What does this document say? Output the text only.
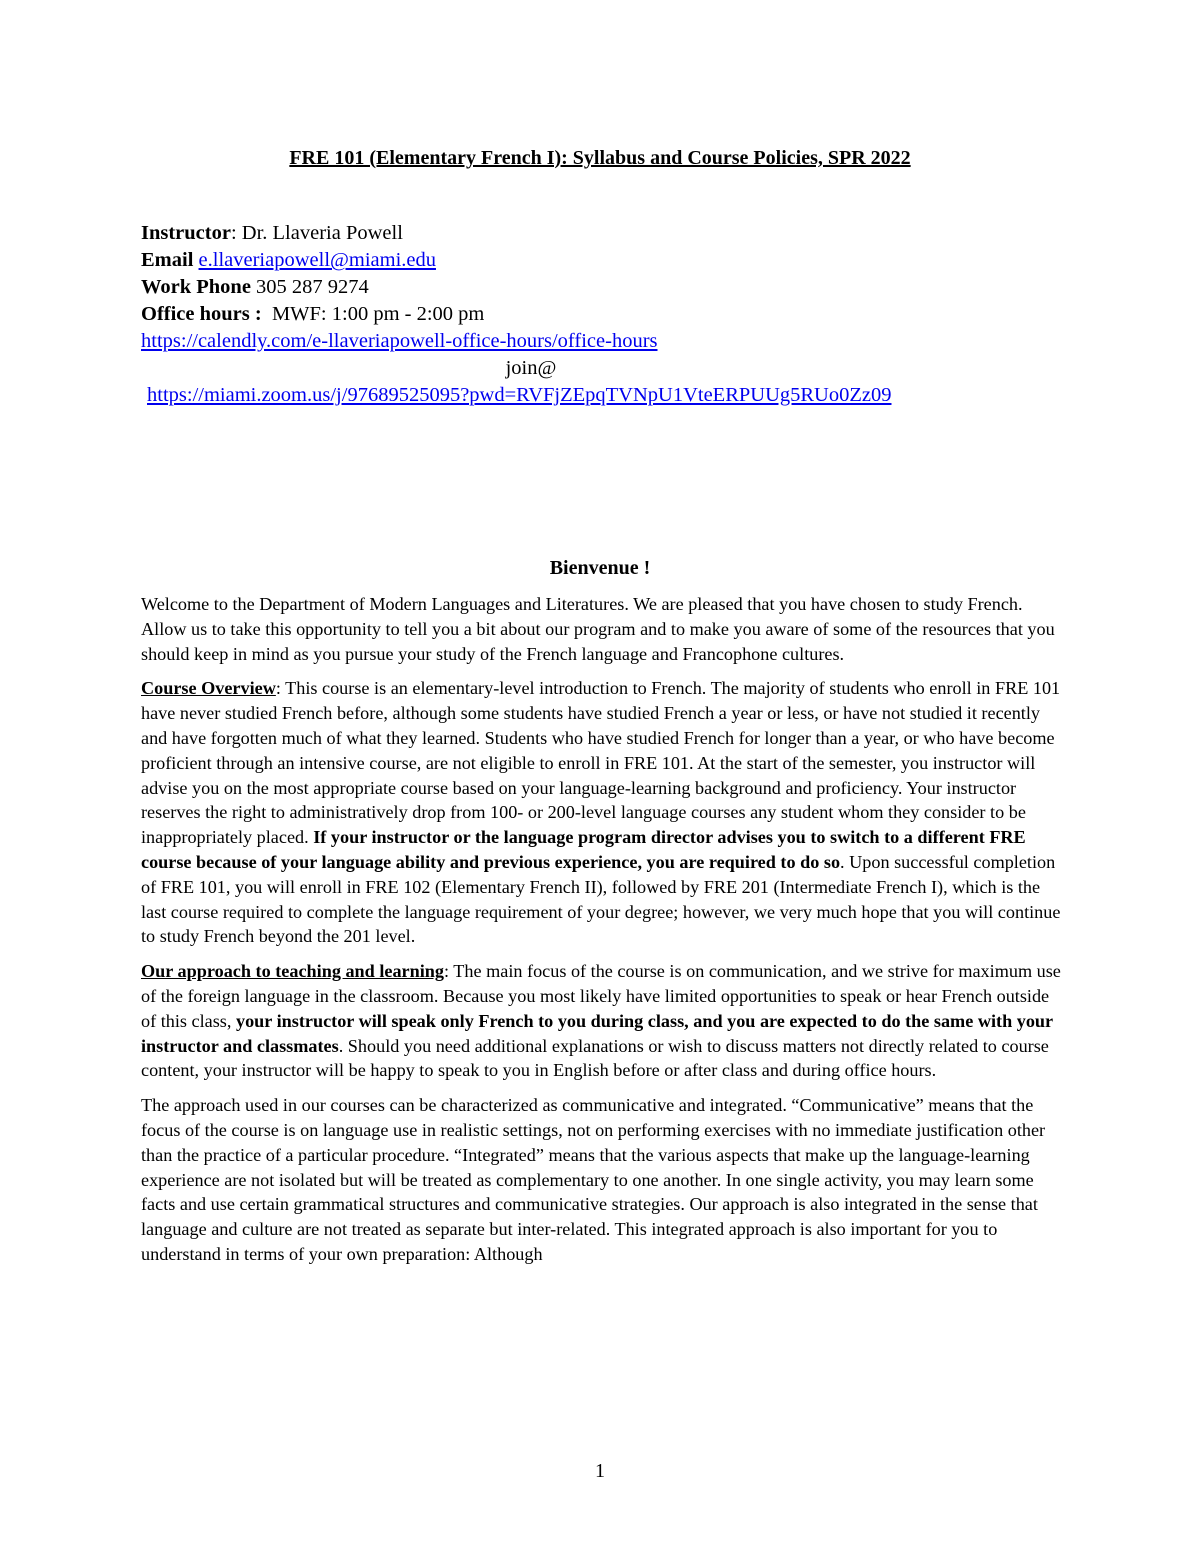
FRE 101 (Elementary French I): Syllabus and Course Policies, SPR 2022
Instructor: Dr. Llaveria Powell
Email e.llaveriapowell@miami.edu
Work Phone 305 287 9274
Office hours : MWF: 1:00 pm - 2:00 pm
https://calendly.com/e-llaveriapowell-office-hours/office-hours
join@
https://miami.zoom.us/j/97689525095?pwd=RVFjZEpqTVNpU1VteERPUUg5RUo0Zz09
Bienvenue !

Welcome to the Department of Modern Languages and Literatures. We are pleased that you have chosen to study French. Allow us to take this opportunity to tell you a bit about our program and to make you aware of some of the resources that you should keep in mind as you pursue your study of the French language and Francophone cultures.

Course Overview: This course is an elementary-level introduction to French. The majority of students who enroll in FRE 101 have never studied French before, although some students have studied French a year or less, or have not studied it recently and have forgotten much of what they learned. Students who have studied French for longer than a year, or who have become proficient through an intensive course, are not eligible to enroll in FRE 101. At the start of the semester, you instructor will advise you on the most appropriate course based on your language-learning background and proficiency. Your instructor reserves the right to administratively drop from 100- or 200-level language courses any student whom they consider to be inappropriately placed. If your instructor or the language program director advises you to switch to a different FRE course because of your language ability and previous experience, you are required to do so. Upon successful completion of FRE 101, you will enroll in FRE 102 (Elementary French II), followed by FRE 201 (Intermediate French I), which is the last course required to complete the language requirement of your degree; however, we very much hope that you will continue to study French beyond the 201 level.

Our approach to teaching and learning: The main focus of the course is on communication, and we strive for maximum use of the foreign language in the classroom. Because you most likely have limited opportunities to speak or hear French outside of this class, your instructor will speak only French to you during class, and you are expected to do the same with your instructor and classmates. Should you need additional explanations or wish to discuss matters not directly related to course content, your instructor will be happy to speak to you in English before or after class and during office hours.

The approach used in our courses can be characterized as communicative and integrated. “Communicative” means that the focus of the course is on language use in realistic settings, not on performing exercises with no immediate justification other than the practice of a particular procedure. “Integrated” means that the various aspects that make up the language-learning experience are not isolated but will be treated as complementary to one another. In one single activity, you may learn some facts and use certain grammatical structures and communicative strategies. Our approach is also integrated in the sense that language and culture are not treated as separate but inter-related. This integrated approach is also important for you to understand in terms of your own preparation: Although

1
